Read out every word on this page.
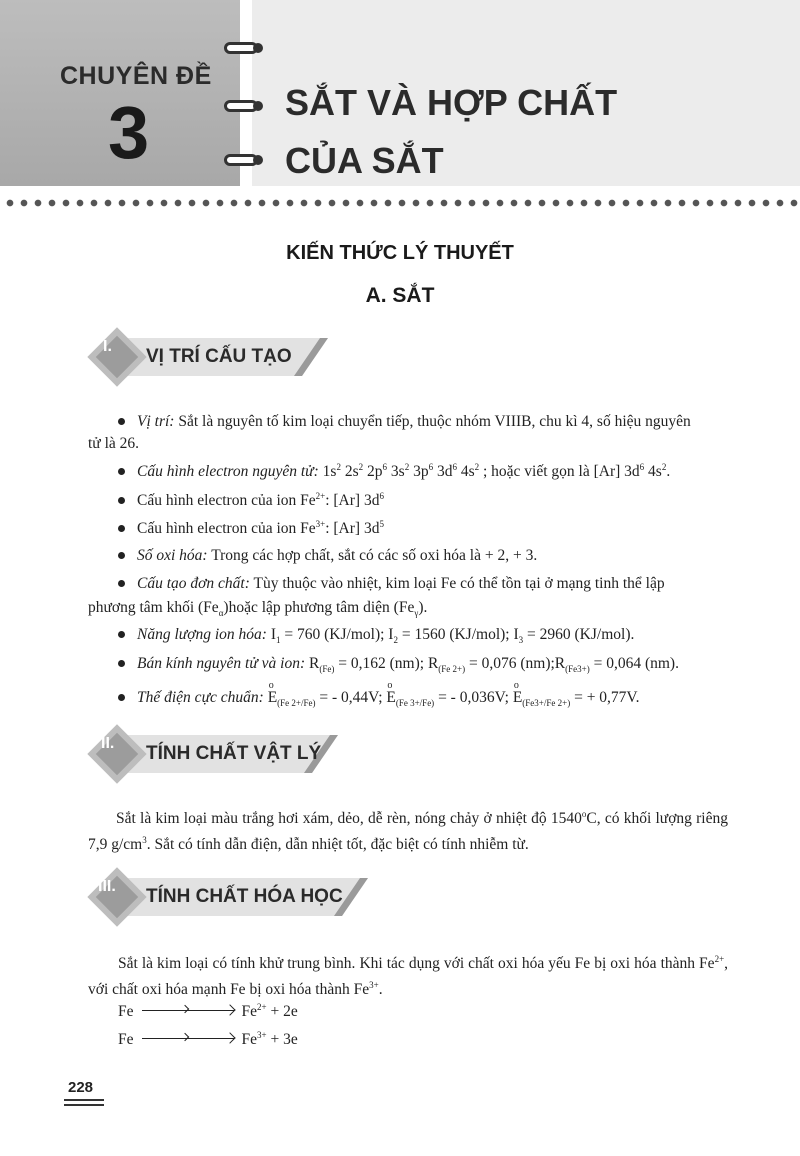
CHUYÊN ĐỀ
3	SẮT VÀ HỢP CHẤT
CỦA SẮT
KIẾN THỨC LÝ THUYẾT
A. SẮT
I. VỊ TRÍ CẤU TẠO
Vị trí: Sắt là nguyên tố kim loại chuyển tiếp, thuộc nhóm VIIIB, chu kì 4, số hiệu nguyên
tử là 26.
Cấu hình electron nguyên tử: $1s^2$ $2s^2$ $2p^6$ $3s^2$ $3p^6$ $3d^6$ $4s^2$ ; hoặc viết gọn là [Ar] $3d^6$ $4s^2$.
Cấu hình electron của ion $Fe^{2+}$: [Ar] $3d^6$
Cấu hình electron của ion $Fe^{3+}$: [Ar] $3d^5$
Số oxi hóa: Trong các hợp chất, sắt có các số oxi hóa là + 2, + 3.
Cấu tạo đơn chất: Tùy thuộc vào nhiệt, kim loại Fe có thể tồn tại ở mạng tinh thể lập
phương tâm khối $(Fe_\alpha)hoặc$ lập phương tâm diện $(Fe_\gamma)$.
Năng lượng ion hóa: $I_1 = 760$ (KJ/mol); $I_2 = 1560$ (KJ/mol); $I_3 = 2960$ (KJ/mol).
Bán kính nguyên tử và ion: $R_{(Fe)} = 0,162$ (nm); $R_{(Fe 2+)} = 0,076$ $(nm);R_{(Fe3+)} = 0,064$ (nm).
Thế điện cực chuẩn: E
o
$_{(Fe 2+/Fe)}$ = - 0,44V; E
o
$_{(Fe 3+/Fe)}$ = - 0,036V; E
o
$_{(Fe3+/Fe 2+)}$ = + 0,77V.
II. TÍNH CHẤT VẬT LÝ
Sắt là kim loại màu trắng hơi xám, dẻo, dễ rèn, nóng chảy ở nhiệt độ 1540$^o$C, có khối lượng riêng 7,9 $g/cm^3$. Sắt có tính dẫn điện, dẫn nhiệt tốt, đặc biệt có tính nhiễm từ.
III. TÍNH CHẤT HÓA HỌC
Sắt là kim loại có tính khử trung bình. Khi tác dụng với chất oxi hóa yếu Fe bị oxi hóa thành $Fe^{2+}$, với chất oxi hóa mạnh Fe bị oxi hóa thành $Fe^{3+}$.
Fe	$Fe^{2+} + 2e$
Fe	$Fe^{3+} + 3e$
228
